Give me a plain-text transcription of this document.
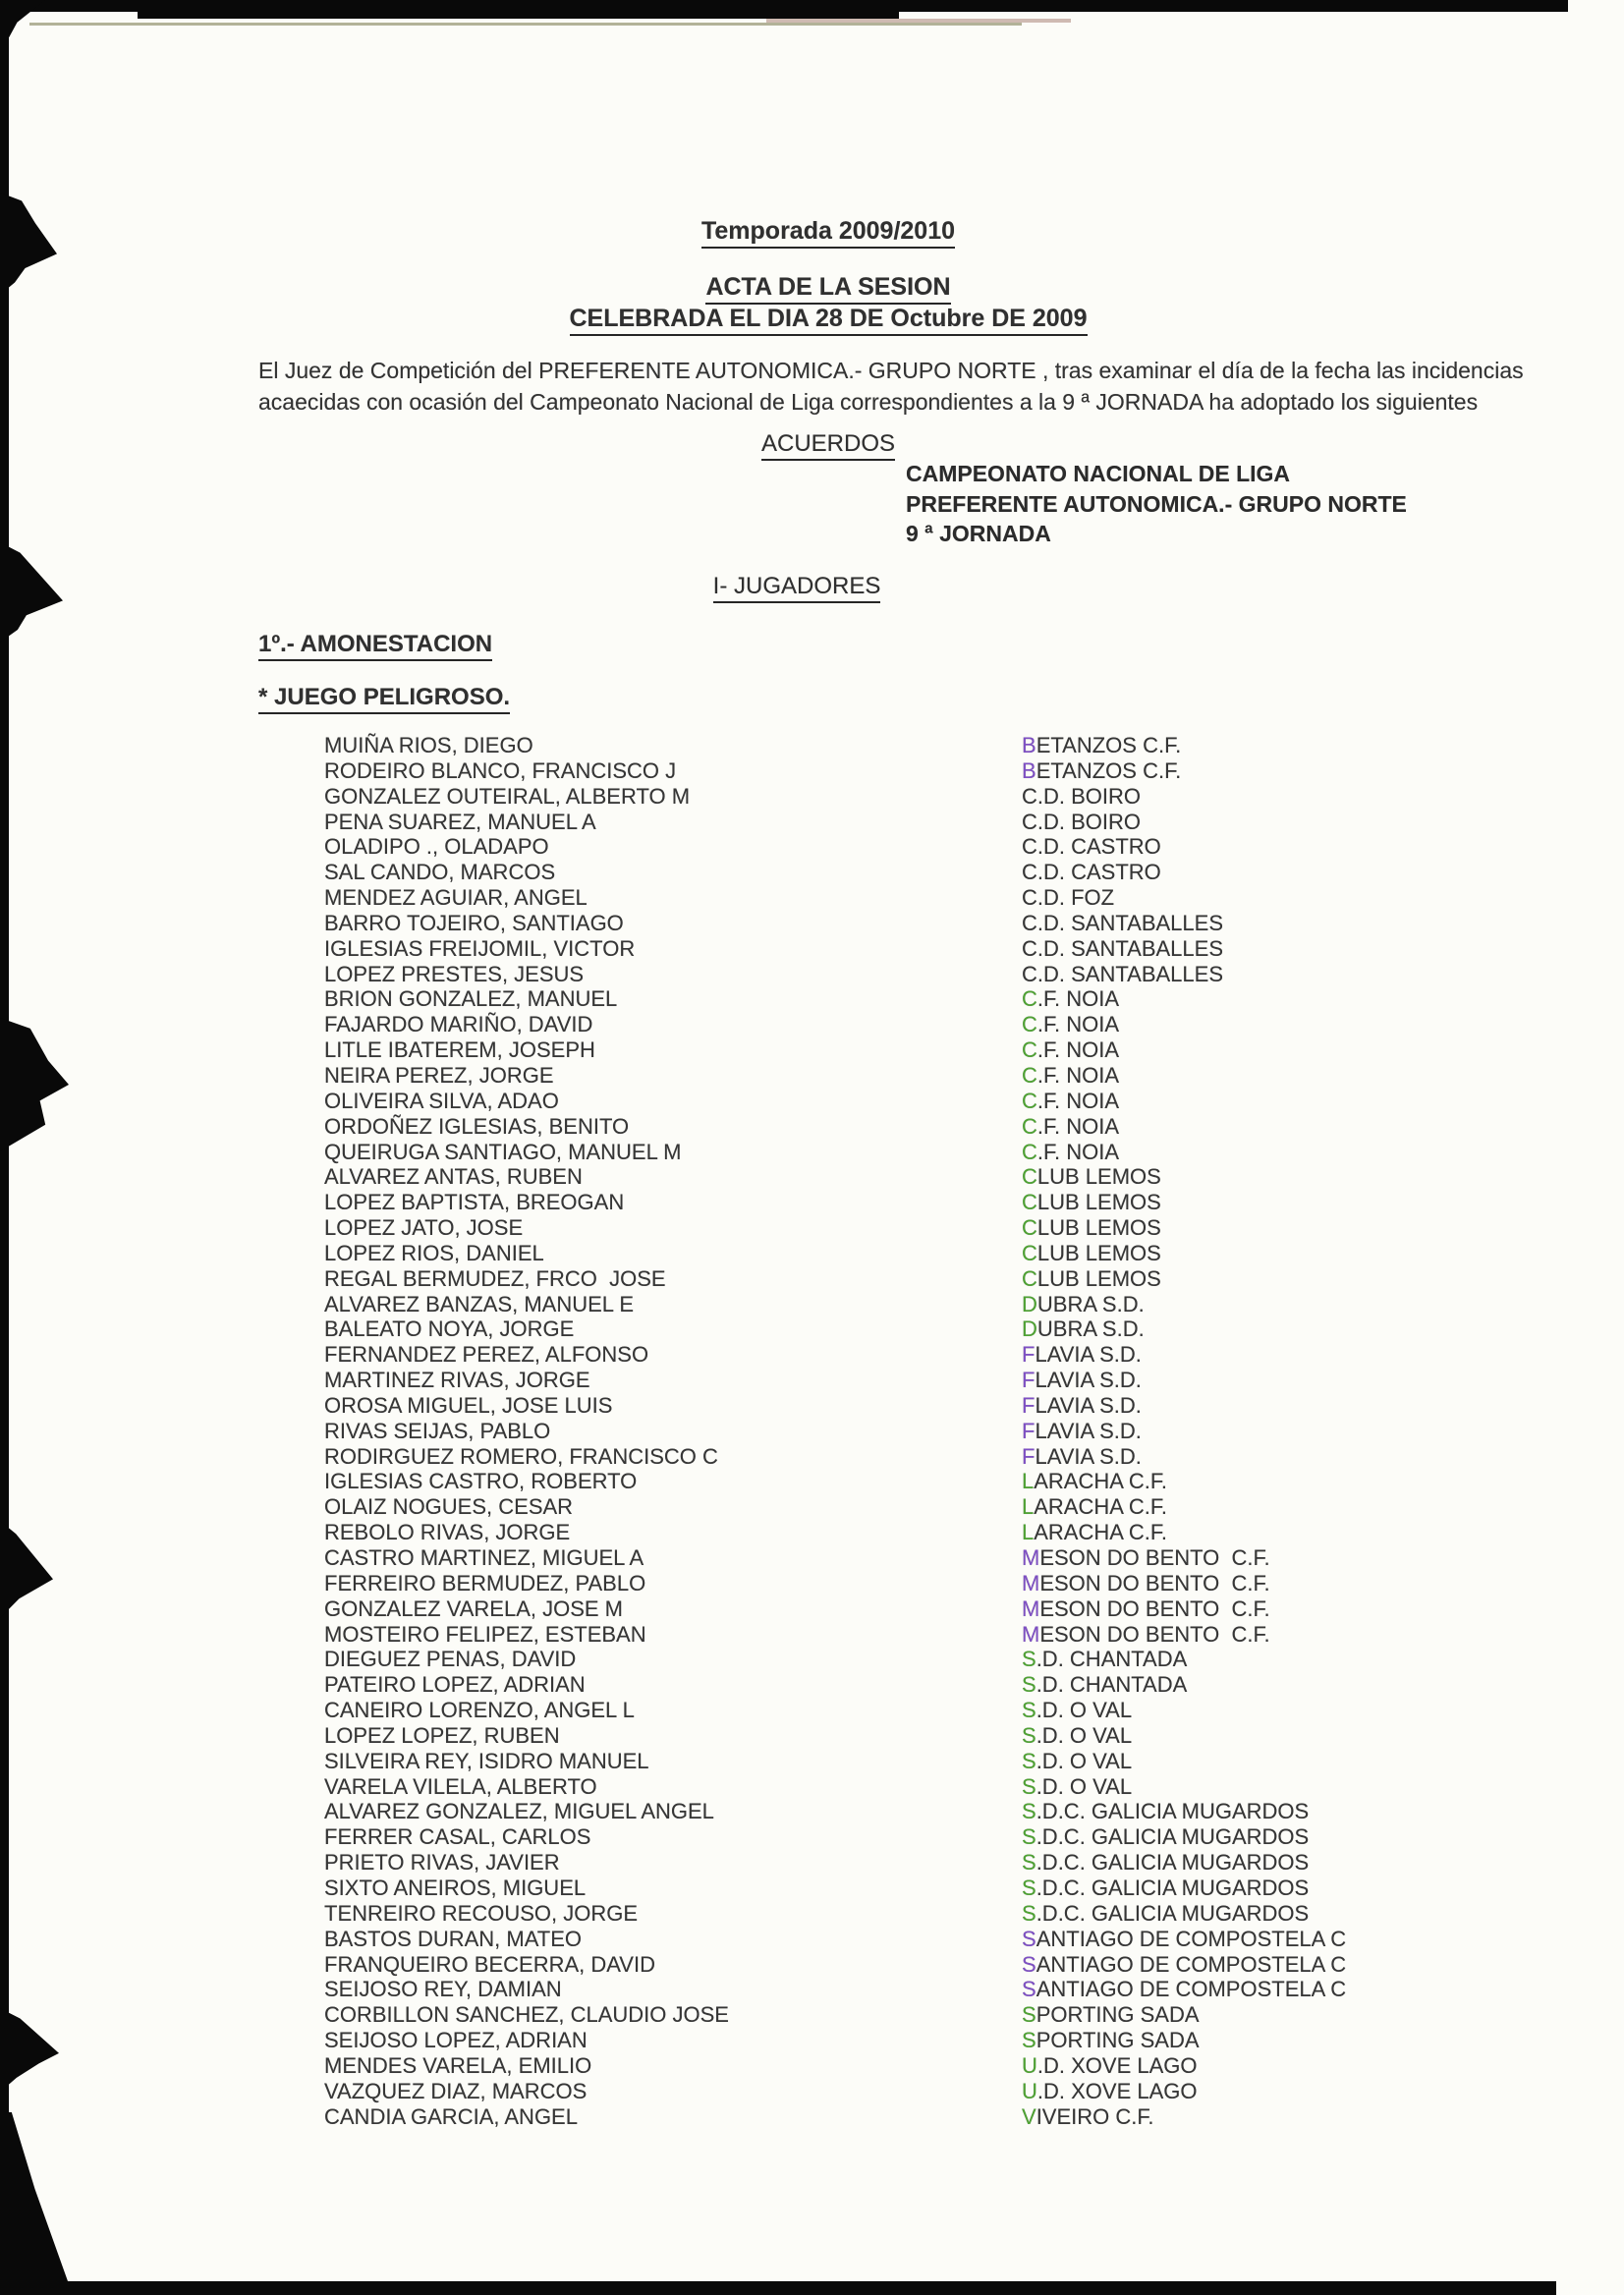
Temporada 2009/2010
ACTA DE LA SESION
CELEBRADA EL DIA 28 DE Octubre DE 2009
El Juez de Competición del PREFERENTE AUTONOMICA.- GRUPO NORTE , tras examinar el día de la fecha las incidencias
acaecidas con ocasión del Campeonato Nacional de Liga correspondientes a la 9 ª JORNADA ha adoptado los siguientes
ACUERDOS
CAMPEONATO NACIONAL DE LIGA
PREFERENTE AUTONOMICA.- GRUPO NORTE
9 ª JORNADA
I- JUGADORES
1º.- AMONESTACION
* JUEGO PELIGROSO.
MUIÑA RIOS, DIEGO	BETANZOS C.F.
RODEIRO BLANCO, FRANCISCO J	BETANZOS C.F.
GONZALEZ OUTEIRAL, ALBERTO M	C.D. BOIRO
PENA SUAREZ, MANUEL A	C.D. BOIRO
OLADIPO ., OLADAPO	C.D. CASTRO
SAL CANDO, MARCOS	C.D. CASTRO
MENDEZ AGUIAR, ANGEL	C.D. FOZ
BARRO TOJEIRO, SANTIAGO	C.D. SANTABALLES
IGLESIAS FREIJOMIL, VICTOR	C.D. SANTABALLES
LOPEZ PRESTES, JESUS	C.D. SANTABALLES
BRION GONZALEZ, MANUEL	C.F. NOIA
FAJARDO MARIÑO, DAVID	C.F. NOIA
LITLE IBATEREM, JOSEPH	C.F. NOIA
NEIRA PEREZ, JORGE	C.F. NOIA
OLIVEIRA SILVA, ADAO	C.F. NOIA
ORDOÑEZ IGLESIAS, BENITO	C.F. NOIA
QUEIRUGA SANTIAGO, MANUEL M	C.F. NOIA
ALVAREZ ANTAS, RUBEN	CLUB LEMOS
LOPEZ BAPTISTA, BREOGAN	CLUB LEMOS
LOPEZ JATO, JOSE	CLUB LEMOS
LOPEZ RIOS, DANIEL	CLUB LEMOS
REGAL BERMUDEZ, FRCO  JOSE	CLUB LEMOS
ALVAREZ BANZAS, MANUEL E	DUBRA S.D.
BALEATO NOYA, JORGE	DUBRA S.D.
FERNANDEZ PEREZ, ALFONSO	FLAVIA S.D.
MARTINEZ RIVAS, JORGE	FLAVIA S.D.
OROSA MIGUEL, JOSE LUIS	FLAVIA S.D.
RIVAS SEIJAS, PABLO	FLAVIA S.D.
RODIRGUEZ ROMERO, FRANCISCO C	FLAVIA S.D.
IGLESIAS CASTRO, ROBERTO	LARACHA C.F.
OLAIZ NOGUES, CESAR	LARACHA C.F.
REBOLO RIVAS, JORGE	LARACHA C.F.
CASTRO MARTINEZ, MIGUEL A	MESON DO BENTO  C.F.
FERREIRO BERMUDEZ, PABLO	MESON DO BENTO  C.F.
GONZALEZ VARELA, JOSE M	MESON DO BENTO  C.F.
MOSTEIRO FELIPEZ, ESTEBAN	MESON DO BENTO  C.F.
DIEGUEZ PENAS, DAVID	S.D. CHANTADA
PATEIRO LOPEZ, ADRIAN	S.D. CHANTADA
CANEIRO LORENZO, ANGEL L	S.D. O VAL
LOPEZ LOPEZ, RUBEN	S.D. O VAL
SILVEIRA REY, ISIDRO MANUEL	S.D. O VAL
VARELA VILELA, ALBERTO	S.D. O VAL
ALVAREZ GONZALEZ, MIGUEL ANGEL	S.D.C. GALICIA MUGARDOS
FERRER CASAL, CARLOS	S.D.C. GALICIA MUGARDOS
PRIETO RIVAS, JAVIER	S.D.C. GALICIA MUGARDOS
SIXTO ANEIROS, MIGUEL	S.D.C. GALICIA MUGARDOS
TENREIRO RECOUSO, JORGE	S.D.C. GALICIA MUGARDOS
BASTOS DURAN, MATEO	SANTIAGO DE COMPOSTELA C
FRANQUEIRO BECERRA, DAVID	SANTIAGO DE COMPOSTELA C
SEIJOSO REY, DAMIAN	SANTIAGO DE COMPOSTELA C
CORBILLON SANCHEZ, CLAUDIO JOSE	SPORTING SADA
SEIJOSO LOPEZ, ADRIAN	SPORTING SADA
MENDES VARELA, EMILIO	U.D. XOVE LAGO
VAZQUEZ DIAZ, MARCOS	U.D. XOVE LAGO
CANDIA GARCIA, ANGEL	VIVEIRO C.F.
